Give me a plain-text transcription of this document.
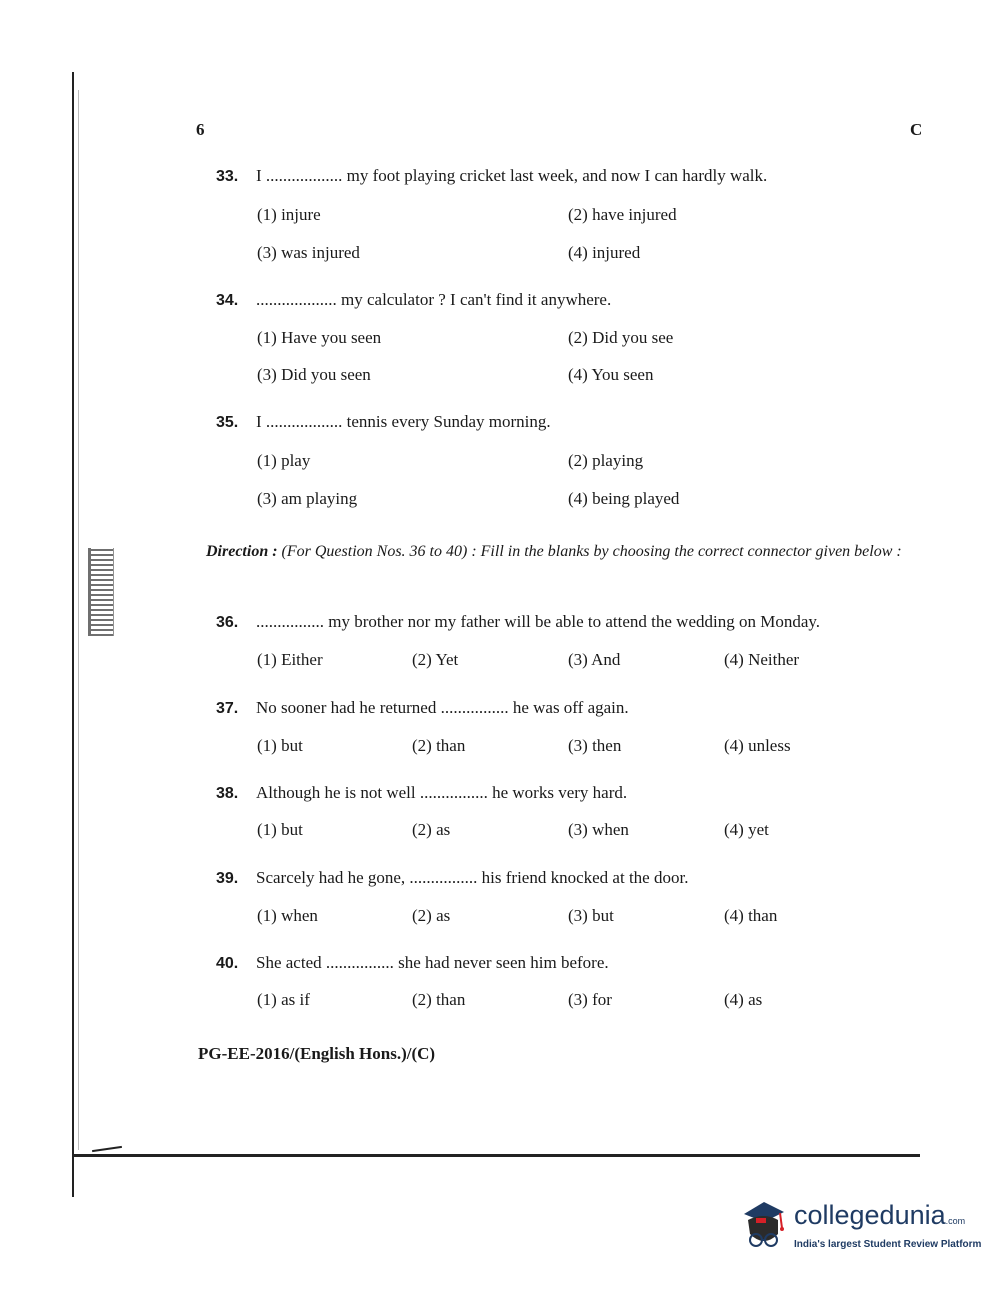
6	C
33. I .................. my foot playing cricket last week, and now I can hardly walk.
(1) injure	(2) have injured
(3) was injured	(4) injured
34. ................... my calculator ? I can't find it anywhere.
(1) Have you seen	(2) Did you see
(3) Did you seen	(4) You seen
35. I .................. tennis every Sunday morning.
(1) play	(2) playing
(3) am playing	(4) being played
Direction : (For Question Nos. 36 to 40) : Fill in the blanks by choosing the correct connector given below :
36. ................ my brother nor my father will be able to attend the wedding on Monday.
(1) Either	(2) Yet	(3) And	(4) Neither
37. No sooner had he returned ................ he was off again.
(1) but	(2) than	(3) then	(4) unless
38. Although he is not well ................ he works very hard.
(1) but	(2) as	(3) when	(4) yet
39. Scarcely had he gone, ................ his friend knocked at the door.
(1) when	(2) as	(3) but	(4) than
40. She acted ................ she had never seen him before.
(1) as if	(2) than	(3) for	(4) as
PG-EE-2016/(English Hons.)/(C)
collegedunia.com
India's largest Student Review Platform
